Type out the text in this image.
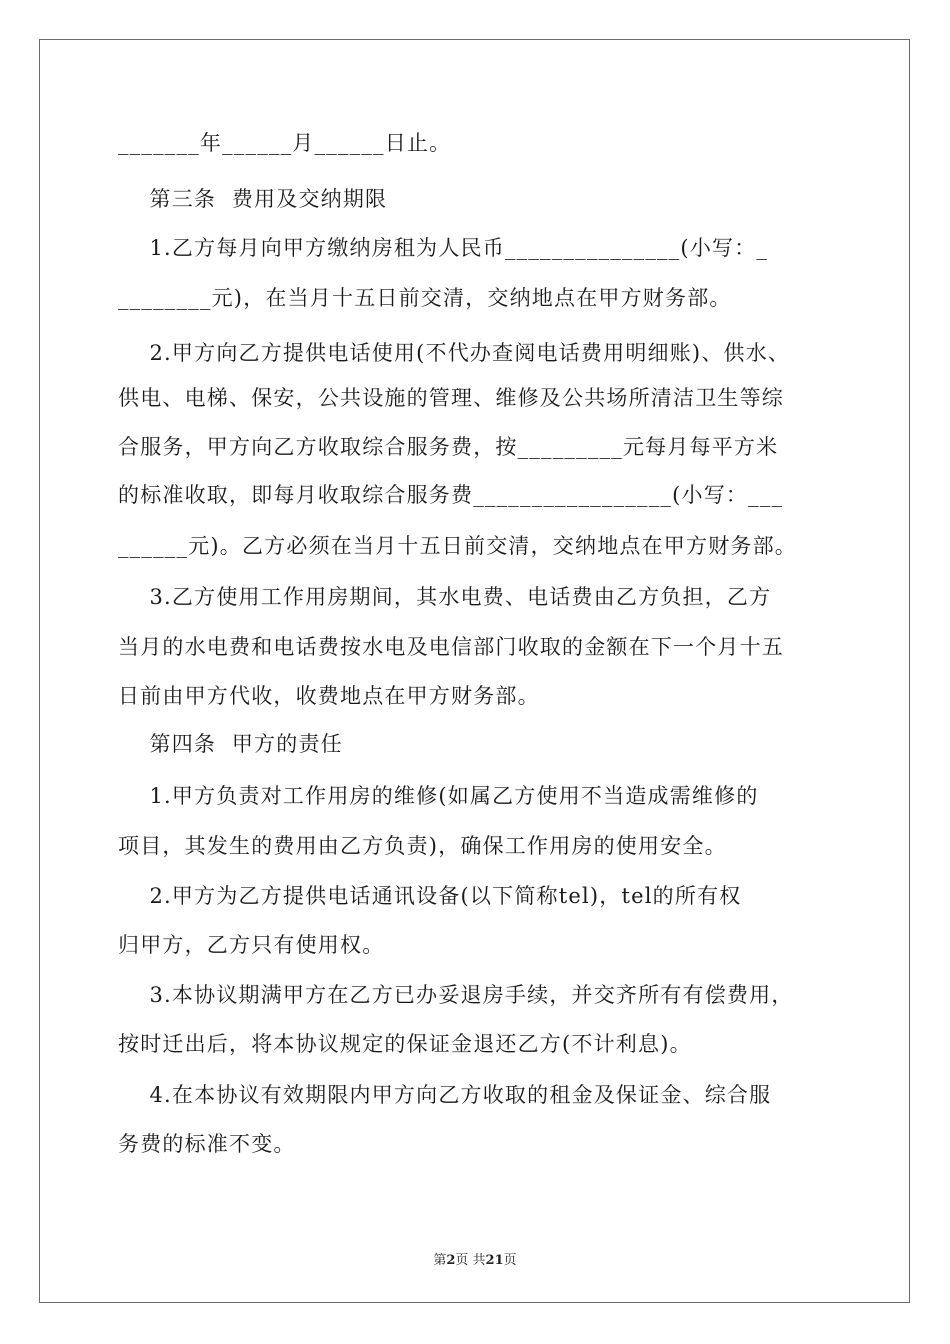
_______年______月______日止。
第三条  费用及交纳期限
1.乙方每月向甲方缴纳房租为人民币_______________(小写：_
________元)，在当月十五日前交清，交纳地点在甲方财务部。
2.甲方向乙方提供电话使用(不代办查阅电话费用明细账)、供水、
供电、电梯、保安，公共设施的管理、维修及公共场所清洁卫生等综
合服务，甲方向乙方收取综合服务费，按_________元每月每平方米
的标准收取，即每月收取综合服务费_________________(小写：___
______元)。乙方必须在当月十五日前交清，交纳地点在甲方财务部。
3.乙方使用工作用房期间，其水电费、电话费由乙方负担，乙方
当月的水电费和电话费按水电及电信部门收取的金额在下一个月十五
日前由甲方代收，收费地点在甲方财务部。
第四条  甲方的责任
1.甲方负责对工作用房的维修(如属乙方使用不当造成需维修的
项目，其发生的费用由乙方负责)，确保工作用房的使用安全。
2.甲方为乙方提供电话通讯设备(以下简称tel)，tel的所有权
归甲方，乙方只有使用权。
3.本协议期满甲方在乙方已办妥退房手续，并交齐所有有偿费用，
按时迁出后，将本协议规定的保证金退还乙方(不计利息)。
4.在本协议有效期限内甲方向乙方收取的租金及保证金、综合服
务费的标准不变。
第2页 共21页
